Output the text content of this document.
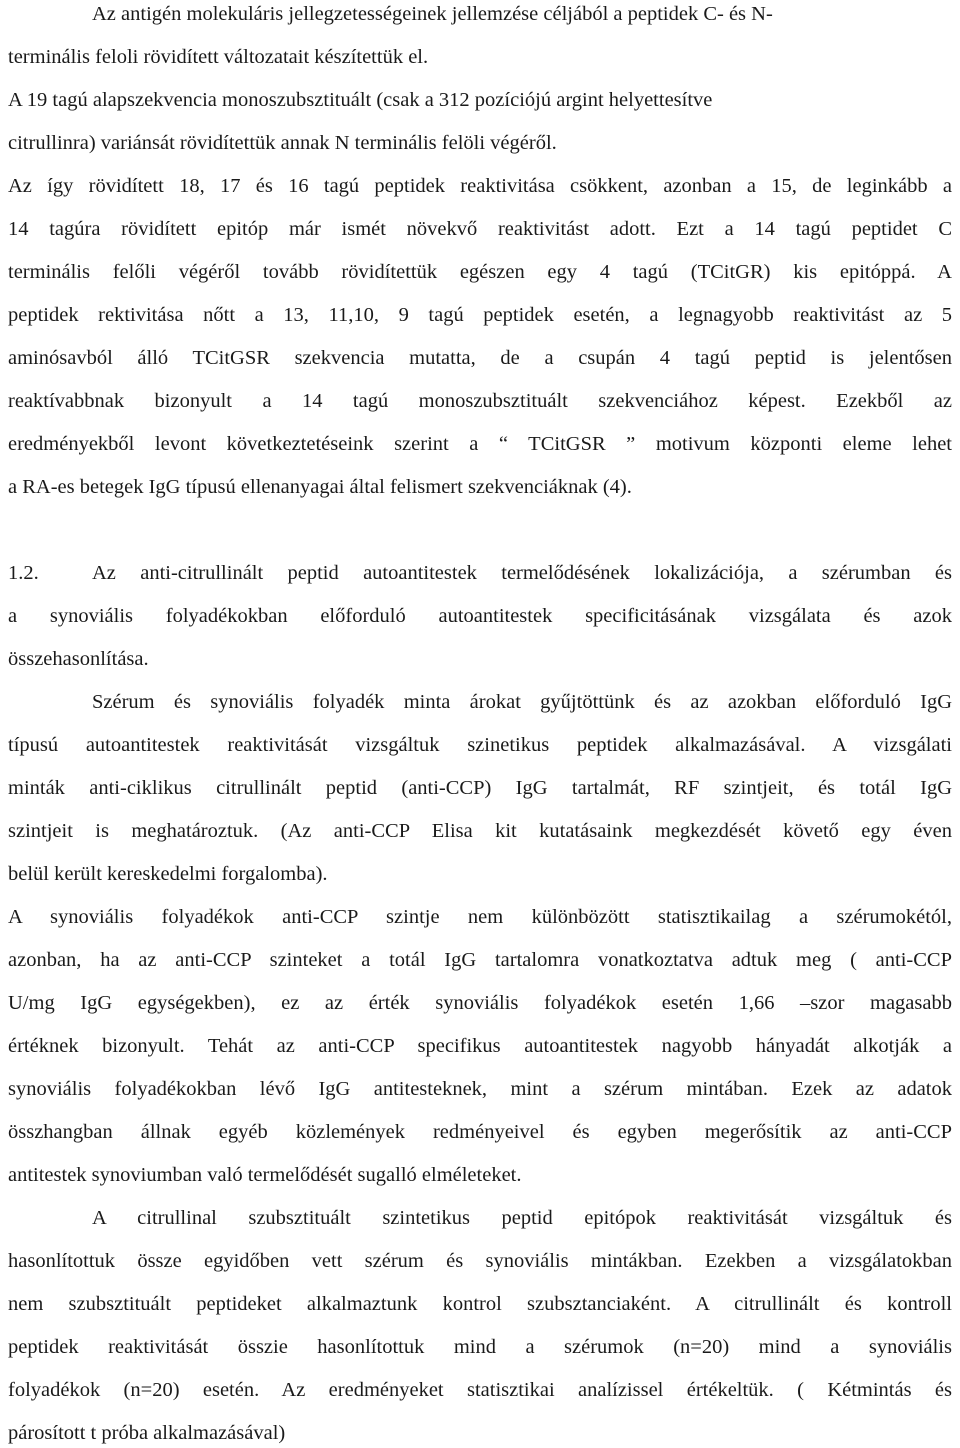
Az antigén molekuláris jellegzetességeinek jellemzése céljából a peptidek C- és N-
terminális feloli rövidített változatait készítettük el.
A 19 tagú alapszekvencia monoszubsztituált (csak a 312 pozíciójú argint helyettesítve
citrullinra) variánsát rövidítettük annak N terminális felöli végéről.
Az így rövidített 18, 17 és 16 tagú peptidek reaktivitása csökkent, azonban a 15, de leginkább a
14 tagúra rövidített epitóp már ismét növekvő reaktivitást adott. Ezt a 14 tagú peptidet C
terminális felőli végéről tovább rövidítettük egészen egy 4 tagú (TCitGR) kis epitóppá. A
peptidek rektivitása nőtt a 13, 11,10, 9 tagú peptidek esetén, a legnagyobb reaktivitást az 5
aminósavból álló TCitGSR szekvencia mutatta, de a csupán 4 tagú peptid is jelentősen
reaktívabbnak bizonyult a 14 tagú monoszubsztituált szekvenciához képest. Ezekből az
eredményekből levont következtetéseink szerint a “ TCitGSR ” motivum központi eleme lehet
a RA-es betegek IgG típusú ellenanyagai által felismert szekvenciáknak (4).
1.2.	Az anti-citrullinált peptid autoantitestek termelődésének lokalizációja, a szérumban és
a synoviális folyadékokban előforduló autoantitestek specificitásának vizsgálata és azok
összehasonlítása.
Szérum és synoviális folyadék minta árokat gyűjtöttünk és az azokban előforduló IgG
típusú autoantitestek reaktivitását vizsgáltuk szinetikus peptidek alkalmazásával. A vizsgálati
minták anti-ciklikus citrullinált peptid (anti-CCP) IgG tartalmát, RF szintjeit, és totál IgG
szintjeit is meghatároztuk. (Az anti-CCP Elisa kit kutatásaink megkezdését követő egy éven
belül került kereskedelmi forgalomba).
A synoviális folyadékok anti-CCP szintje nem különbözött statisztikailag a szérumokétól,
azonban, ha az anti-CCP szinteket a totál IgG tartalomra vonatkoztatva adtuk meg ( anti-CCP
U/mg IgG egységekben), ez az érték synoviális folyadékok esetén 1,66 –szor magasabb
értéknek bizonyult. Tehát az anti-CCP specifikus autoantitestek nagyobb hányadát alkotják a
synoviális folyadékokban lévő IgG antitesteknek, mint a szérum mintában. Ezek az adatok
összhangban állnak egyéb közlemények redményeivel és egyben megerősítik az anti-CCP
antitestek synoviumban való termelődését sugalló elméleteket.
A citrullinal szubsztituált szintetikus peptid epitópok reaktivitását vizsgáltuk és
hasonlítottuk össze egyidőben vett szérum és synoviális mintákban. Ezekben a vizsgálatokban
nem szubsztituált peptideket alkalmaztunk kontrol szubsztanciaként. A citrullinált és kontroll
peptidek reaktivitását összie hasonlítottuk mind a szérumok (n=20) mind a synoviális
folyadékok (n=20) esetén. Az eredményeket statisztikai analízissel értékeltük. ( Kétmintás és
párosított t próba alkalmazásával)
